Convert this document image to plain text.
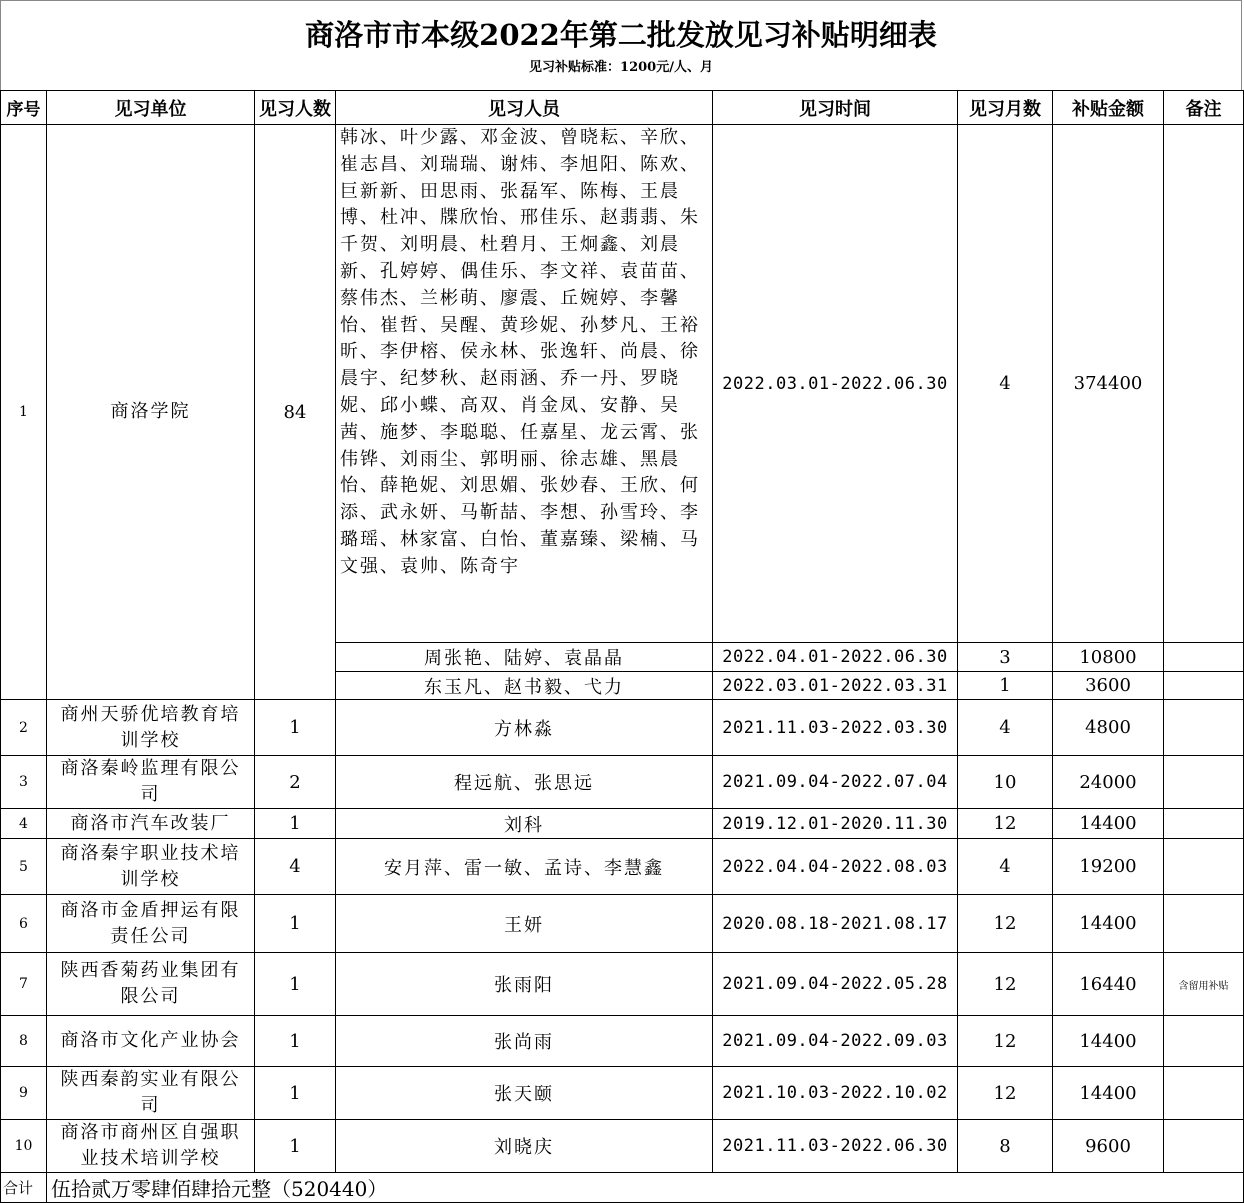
商洛市市本级2022年第二批发放见习补贴明细表
见习补贴标准：1200元/人、月
序号	见习单位	见习人数	见习人员	见习时间	见习月数	补贴金额	备注
1	商洛学院	84	韩冰、叶少露、邓金波、曾晓耘、辛欣、崔志昌、刘瑞瑞、谢炜、李旭阳、陈欢、巨新新、田思雨、张磊军、陈梅、王晨博、杜冲、牒欣怡、邢佳乐、赵翡翡、朱千贺、刘明晨、杜碧月、王炯鑫、刘晨新、孔婷婷、偶佳乐、李文祥、袁苗苗、蔡伟杰、兰彬萌、廖震、丘婉婷、李馨怡、崔哲、吴醒、黄珍妮、孙梦凡、王裕昕、李伊榕、侯永林、张逸轩、尚晨、徐晨宇、纪梦秋、赵雨涵、乔一丹、罗晓妮、邱小蝶、高双、肖金凤、安静、吴茜、施梦、李聪聪、任嘉星、龙云霄、张伟铧、刘雨尘、郭明丽、徐志雄、黑晨怡、薛艳妮、刘思媚、张妙春、王欣、何添、武永妍、马靳喆、李想、孙雪玲、李璐瑶、林家富、白怡、董嘉臻、梁楠、马文强、袁帅、陈奇宇	2022.03.01-2022.06.30	4	374400	
			周张艳、陆婷、袁晶晶	2022.04.01-2022.06.30	3	10800	
			东玉凡、赵书毅、弋力	2022.03.01-2022.03.31	1	3600	
2	商州天骄优培教育培训学校	1	方林淼	2021.11.03-2022.03.30	4	4800	
3	商洛秦岭监理有限公司	2	程远航、张思远	2021.09.04-2022.07.04	10	24000	
4	商洛市汽车改装厂	1	刘科	2019.12.01-2020.11.30	12	14400	
5	商洛秦宇职业技术培训学校	4	安月萍、雷一敏、孟诗、李慧鑫	2022.04.04-2022.08.03	4	19200	
6	商洛市金盾押运有限责任公司	1	王妍	2020.08.18-2021.08.17	12	14400	
7	陕西香菊药业集团有限公司	1	张雨阳	2021.09.04-2022.05.28	12	16440	含留用补贴
8	商洛市文化产业协会	1	张尚雨	2021.09.04-2022.09.03	12	14400	
9	陕西秦韵实业有限公司	1	张天颐	2021.10.03-2022.10.02	12	14400	
10	商洛市商州区自强职业技术培训学校	1	刘晓庆	2021.11.03-2022.06.30	8	9600	
合计	伍拾贰万零肆佰肆拾元整（520440）						
